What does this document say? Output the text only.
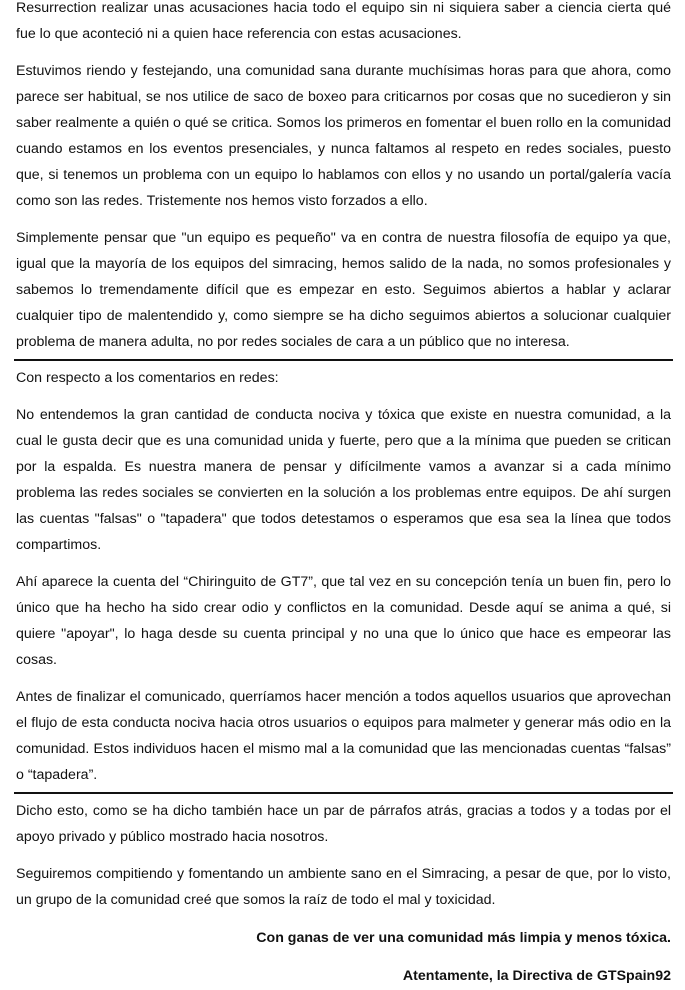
Resurrection realizar unas acusaciones hacia todo el equipo sin ni siquiera saber a ciencia cierta qué fue lo que aconteció ni a quien hace referencia con estas acusaciones.

Estuvimos riendo y festejando, una comunidad sana durante muchísimas horas para que ahora, como parece ser habitual, se nos utilice de saco de boxeo para criticarnos por cosas que no sucedieron y sin saber realmente a quién o qué se critica. Somos los primeros en fomentar el buen rollo en la comunidad cuando estamos en los eventos presenciales, y nunca faltamos al respeto en redes sociales, puesto que, si tenemos un problema con un equipo lo hablamos con ellos y no usando un portal/galería vacía como son las redes. Tristemente nos hemos visto forzados a ello.

Simplemente pensar que "un equipo es pequeño" va en contra de nuestra filosofía de equipo ya que, igual que la mayoría de los equipos del simracing, hemos salido de la nada, no somos profesionales y sabemos lo tremendamente difícil que es empezar en esto. Seguimos abiertos a hablar y aclarar cualquier tipo de malentendido y, como siempre se ha dicho seguimos abiertos a solucionar cualquier problema de manera adulta, no por redes sociales de cara a un público que no interesa.

Con respecto a los comentarios en redes:

No entendemos la gran cantidad de conducta nociva y tóxica que existe en nuestra comunidad, a la cual le gusta decir que es una comunidad unida y fuerte, pero que a la mínima que pueden se critican por la espalda. Es nuestra manera de pensar y difícilmente vamos a avanzar si a cada mínimo problema las redes sociales se convierten en la solución a los problemas entre equipos. De ahí surgen las cuentas "falsas" o "tapadera" que todos detestamos o esperamos que esa sea la línea que todos compartimos.

Ahí aparece la cuenta del “Chiringuito de GT7”, que tal vez en su concepción tenía un buen fin, pero lo único que ha hecho ha sido crear odio y conflictos en la comunidad. Desde aquí se anima a qué, si quiere "apoyar", lo haga desde su cuenta principal y no una que lo único que hace es empeorar las cosas.

Antes de finalizar el comunicado, querríamos hacer mención a todos aquellos usuarios que aprovechan el flujo de esta conducta nociva hacia otros usuarios o equipos para malmeter y generar más odio en la comunidad. Estos individuos hacen el mismo mal a la comunidad que las mencionadas cuentas “falsas” o “tapadera”.

Dicho esto, como se ha dicho también hace un par de párrafos atrás, gracias a todos y a todas por el apoyo privado y público mostrado hacia nosotros.

Seguiremos compitiendo y fomentando un ambiente sano en el Simracing, a pesar de que, por lo visto, un grupo de la comunidad creé que somos la raíz de todo el mal y toxicidad.

Con ganas de ver una comunidad más limpia y menos tóxica.

Atentamente, la Directiva de GTSpain92
